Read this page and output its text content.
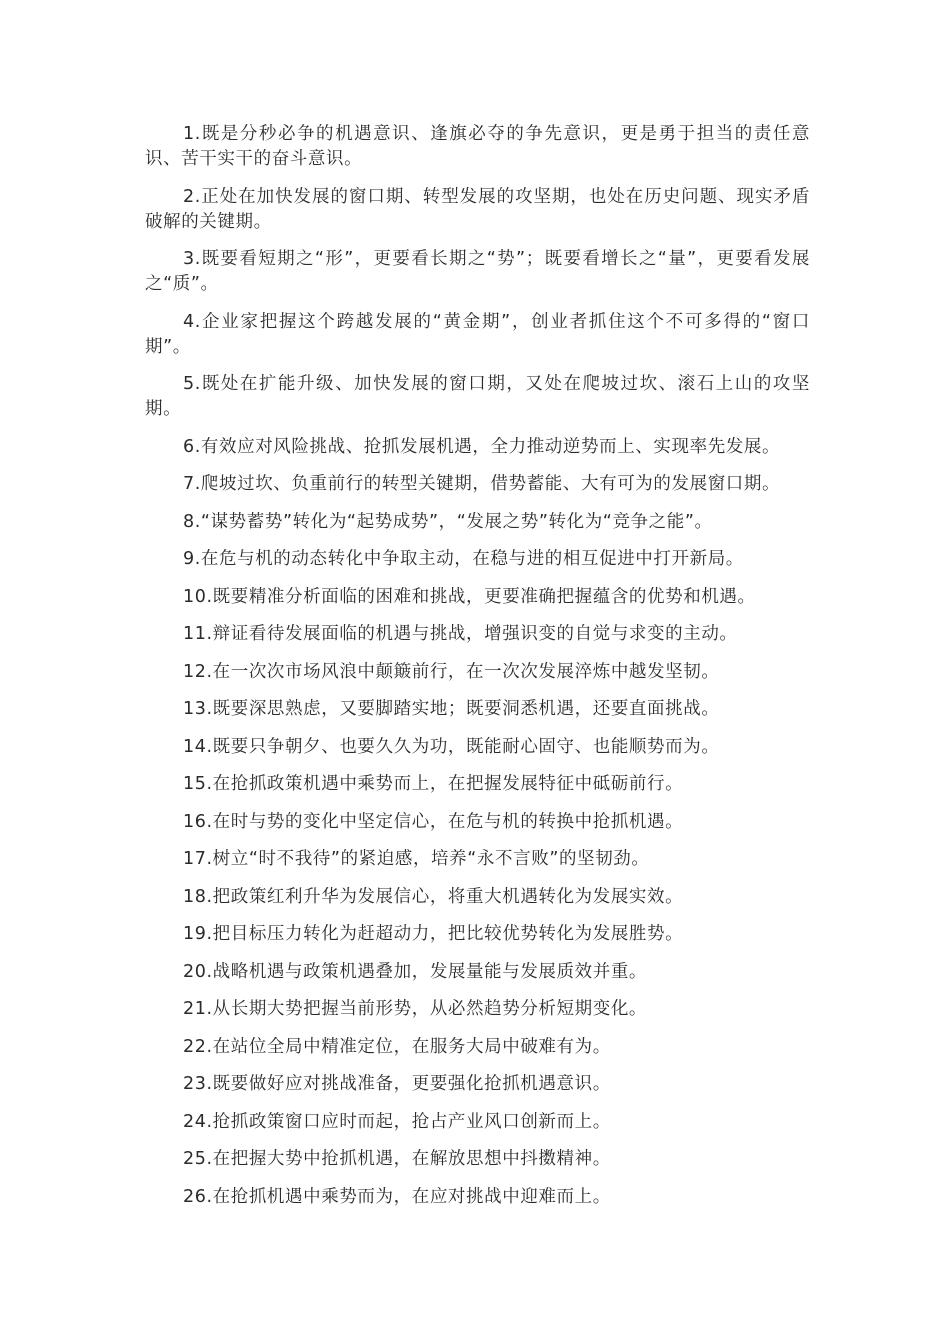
1.既是分秒必争的机遇意识、逢旗必夺的争先意识，更是勇于担当的责任意识、苦干实干的奋斗意识。

2.正处在加快发展的窗口期、转型发展的攻坚期，也处在历史问题、现实矛盾破解的关键期。

3.既要看短期之“形”，更要看长期之“势”；既要看增长之“量”，更要看发展之“质”。

4.企业家把握这个跨越发展的“黄金期”，创业者抓住这个不可多得的“窗口期”。

5.既处在扩能升级、加快发展的窗口期，又处在爬坡过坎、滚石上山的攻坚期。

6.有效应对风险挑战、抢抓发展机遇，全力推动逆势而上、实现率先发展。

7.爬坡过坎、负重前行的转型关键期，借势蓄能、大有可为的发展窗口期。

8.“谋势蓄势”转化为“起势成势”，“发展之势”转化为“竞争之能”。

9.在危与机的动态转化中争取主动，在稳与进的相互促进中打开新局。

10.既要精准分析面临的困难和挑战，更要准确把握蕴含的优势和机遇。

11.辩证看待发展面临的机遇与挑战，增强识变的自觉与求变的主动。

12.在一次次市场风浪中颠簸前行，在一次次发展淬炼中越发坚韧。

13.既要深思熟虑，又要脚踏实地；既要洞悉机遇，还要直面挑战。

14.既要只争朝夕、也要久久为功，既能耐心固守、也能顺势而为。

15.在抢抓政策机遇中乘势而上，在把握发展特征中砥砺前行。

16.在时与势的变化中坚定信心，在危与机的转换中抢抓机遇。

17.树立“时不我待”的紧迫感，培养“永不言败”的坚韧劲。

18.把政策红利升华为发展信心，将重大机遇转化为发展实效。

19.把目标压力转化为赶超动力，把比较优势转化为发展胜势。

20.战略机遇与政策机遇叠加，发展量能与发展质效并重。

21.从长期大势把握当前形势，从必然趋势分析短期变化。

22.在站位全局中精准定位，在服务大局中破难有为。

23.既要做好应对挑战准备，更要强化抢抓机遇意识。

24.抢抓政策窗口应时而起，抢占产业风口创新而上。

25.在把握大势中抢抓机遇，在解放思想中抖擞精神。

26.在抢抓机遇中乘势而为，在应对挑战中迎难而上。
